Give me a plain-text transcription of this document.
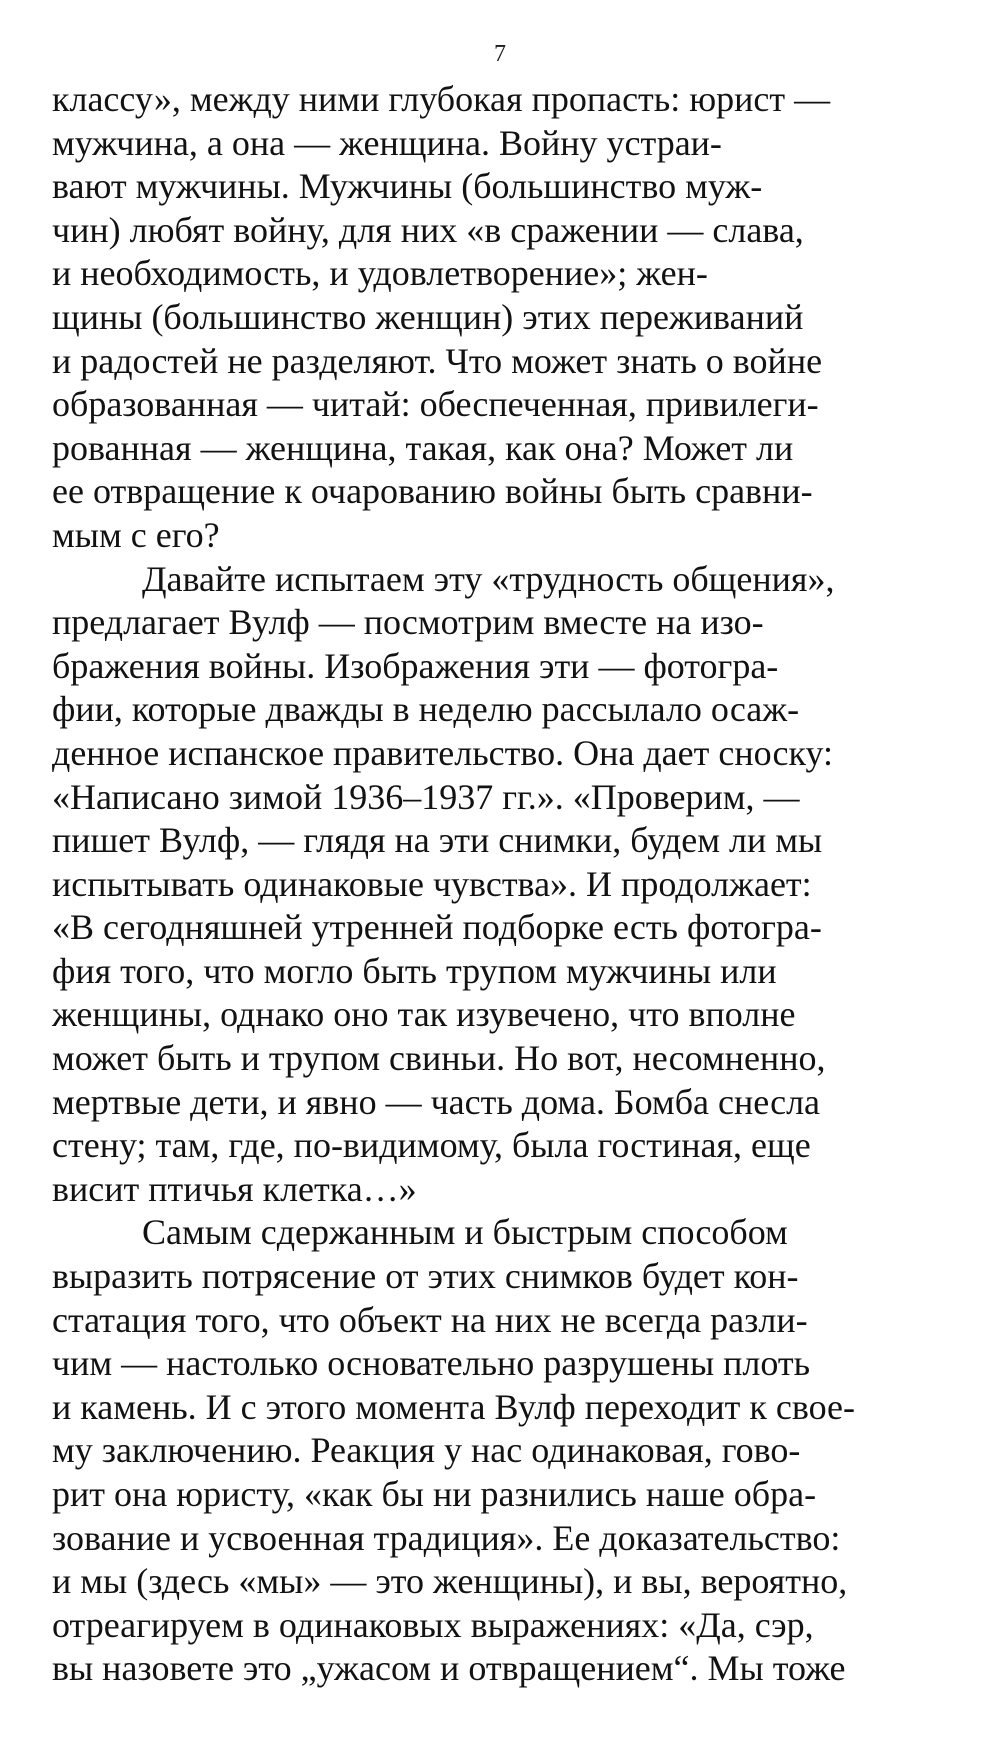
7
классу», между ними глубокая пропасть: юрист —
мужчина, а она — женщина. Войну устраи-
вают мужчины. Мужчины (большинство муж-
чин) любят войну, для них «в сражении — слава,
и необходимость, и удовлетворение»; жен-
щины (большинство женщин) этих переживаний
и радостей не разделяют. Что может знать о войне
образованная — читай: обеспеченная, привилеги-
рованная — женщина, такая, как она? Может ли
ее отвращение к очарованию войны быть сравни-
мым с его?
Давайте испытаем эту «трудность общения»,
предлагает Вулф — посмотрим вместе на изо-
бражения войны. Изображения эти — фотогра-
фии, которые дважды в неделю рассылало осаж-
денное испанское правительство. Она дает сноску:
«Написано зимой 1936–1937 гг.». «Проверим, —
пишет Вулф, — глядя на эти снимки, будем ли мы
испытывать одинаковые чувства». И продолжает:
«В сегодняшней утренней подборке есть фотогра-
фия того, что могло быть трупом мужчины или
женщины, однако оно так изувечено, что вполне
может быть и трупом свиньи. Но вот, несомненно,
мертвые дети, и явно — часть дома. Бомба снесла
стену; там, где, по-видимому, была гостиная, еще
висит птичья клетка…»
Самым сдержанным и быстрым способом
выразить потрясение от этих снимков будет кон-
статация того, что объект на них не всегда разли-
чим — настолько основательно разрушены плоть
и камень. И с этого момента Вулф переходит к свое-
му заключению. Реакция у нас одинаковая, гово-
рит она юристу, «как бы ни разнились наше обра-
зование и усвоенная традиция». Ее доказательство:
и мы (здесь «мы» — это женщины), и вы, вероятно,
отреагируем в одинаковых выражениях: «Да, сэр,
вы назовете это „ужасом и отвращением“. Мы тоже
